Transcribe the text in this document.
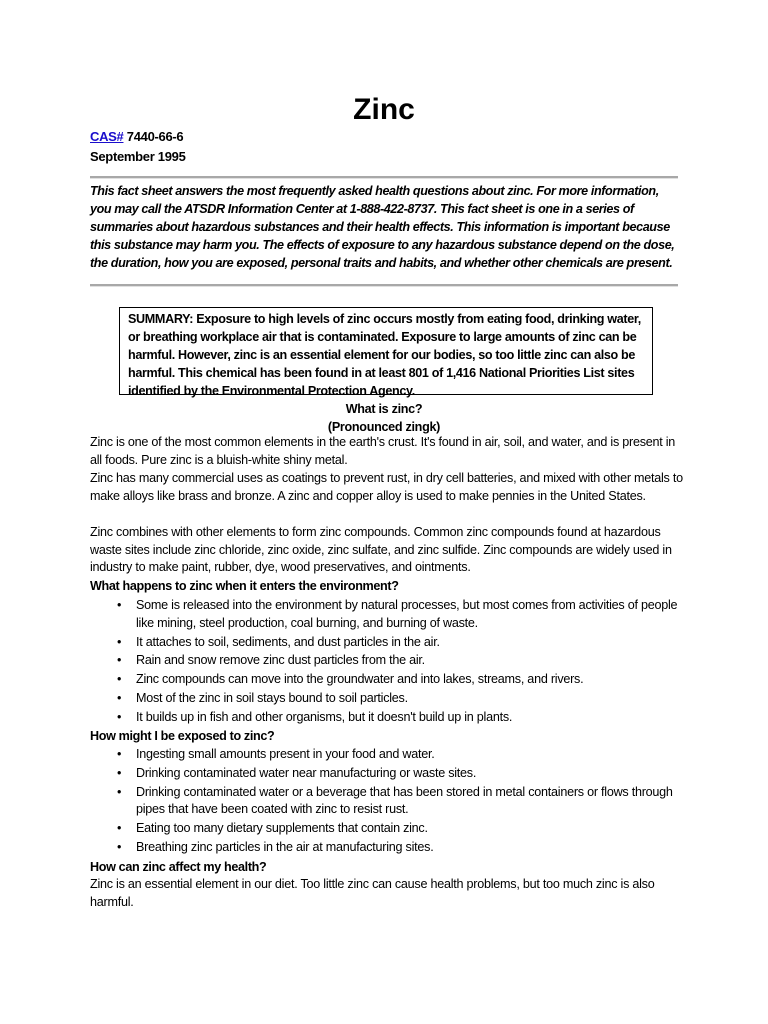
Zinc
CAS# 7440-66-6
September 1995
This fact sheet answers the most frequently asked health questions about zinc. For more information, you may call the ATSDR Information Center at 1-888-422-8737. This fact sheet is one in a series of summaries about hazardous substances and their health effects. This information is important because this substance may harm you. The effects of exposure to any hazardous substance depend on the dose, the duration, how you are exposed, personal traits and habits, and whether other chemicals are present.
SUMMARY: Exposure to high levels of zinc occurs mostly from eating food, drinking water, or breathing workplace air that is contaminated. Exposure to large amounts of zinc can be harmful. However, zinc is an essential element for our bodies, so too little zinc can also be harmful. This chemical has been found in at least 801 of 1,416 National Priorities List sites identified by the Environmental Protection Agency.
What is zinc?
(Pronounced zingk)
Zinc is one of the most common elements in the earth's crust. It's found in air, soil, and water, and is present in all foods. Pure zinc is a bluish-white shiny metal.
Zinc has many commercial uses as coatings to prevent rust, in dry cell batteries, and mixed with other metals to make alloys like brass and bronze. A zinc and copper alloy is used to make pennies in the United States.
Zinc combines with other elements to form zinc compounds. Common zinc compounds found at hazardous waste sites include zinc chloride, zinc oxide, zinc sulfate, and zinc sulfide. Zinc compounds are widely used in industry to make paint, rubber, dye, wood preservatives, and ointments.
What happens to zinc when it enters the environment?
• Some is released into the environment by natural processes, but most comes from activities of people like mining, steel production, coal burning, and burning of waste.
• It attaches to soil, sediments, and dust particles in the air.
• Rain and snow remove zinc dust particles from the air.
• Zinc compounds can move into the groundwater and into lakes, streams, and rivers.
• Most of the zinc in soil stays bound to soil particles.
• It builds up in fish and other organisms, but it doesn't build up in plants.
How might I be exposed to zinc?
• Ingesting small amounts present in your food and water.
• Drinking contaminated water near manufacturing or waste sites.
• Drinking contaminated water or a beverage that has been stored in metal containers or flows through pipes that have been coated with zinc to resist rust.
• Eating too many dietary supplements that contain zinc.
• Breathing zinc particles in the air at manufacturing sites.
How can zinc affect my health?
Zinc is an essential element in our diet. Too little zinc can cause health problems, but too much zinc is also harmful.
